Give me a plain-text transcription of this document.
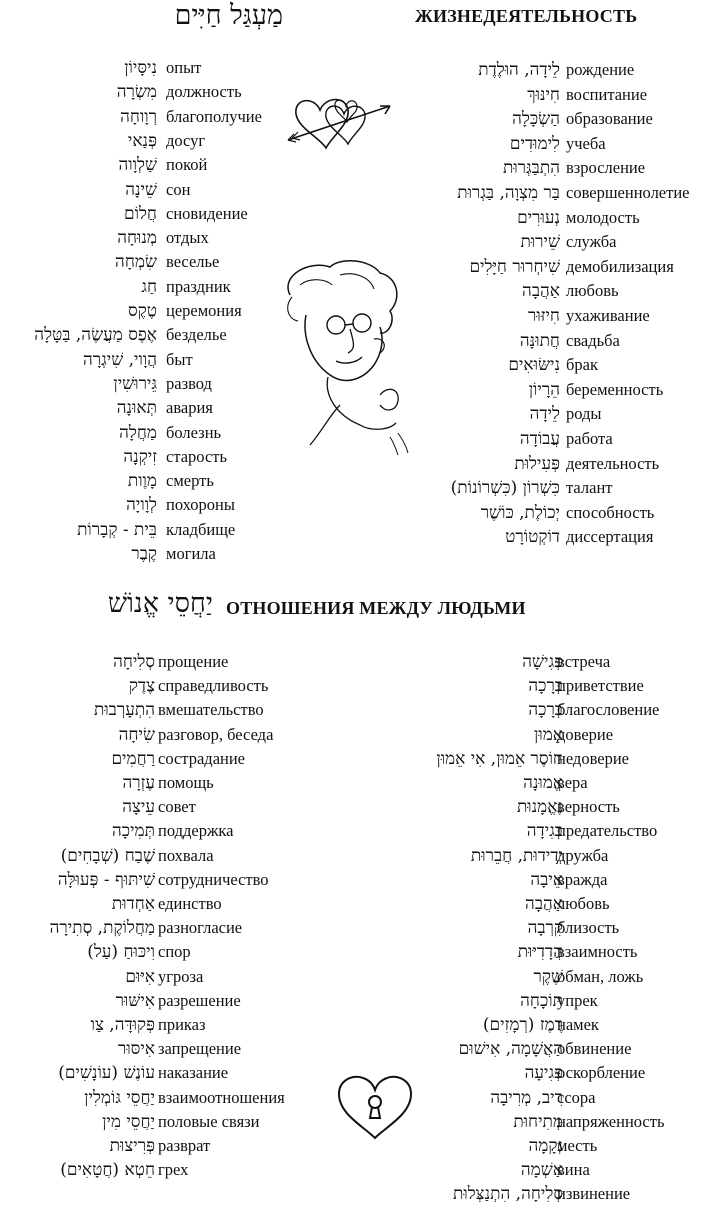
ЖИЗНЕДЕЯТЕЛЬНОСТЬ
מַעְגַּל חַיִּים
ОТНОШЕНИЯ МЕЖДУ ЛЮДЬМИ
יַחֲסֵי אֱנוֹשׁ
לֵידָה, הוּלֶדֶת рождение
חִינּוּךְ воспитание
הַשְׂכָּלָה образование
לִימוּדִים учеба
הִתְבַּגְּרוּת взросление
בַּר מִצְוָה, בַּגְרוּת совершеннолетие
נְעוּרִים молодость
שֵׁירוּת служба
שִׁיחְרוּר חַיָּלִים демобилизация
אַהֲבָה любовь
חִיזּוּר ухаживание
חֲתוּנָּה свадьба
נִישּׂוּאִים брак
הֵרָיוֹן беременность
לֵידָה роды
עֲבוֹדָה работа
פְּעִילוּת деятельность
כִּשְׁרוֹן (כִּשְׁרוֹנוֹת) талант
יְכוֹלֶת, כּוֹשֶׁר способность
דוֹקְטוֹרָט диссертация
נִיסָּיוֹן опыт
מִשְׂרָה должность
רְוָוחָה благополучие
פְּנַאי досуг
שַׁלְוָוה покой
שֵׁינָה сон
חֲלוֹם сновидение
מְנוּחָה отдых
שִׂמְחָה веселье
חַג праздник
טֶקֶס церемония
אֶפֶס מַעֲשֶׂה, בַּטָּלָה безделье
הֲוָוי, שִׁיגְרָה быт
גֵּירוּשִׁין развод
תְּאוּנָה авария
מַחֲלָה болезнь
זִיקְנָה старость
מָוֶות смерть
לְוָויָה похороны
בֵּית - קְבָרוֹת кладбище
קֶבֶר могила
פְּגִישָׁה
встреча
בְּרָכָה
приветствие
בְּרָכָה
благословение
אֵמוּן
доверие
חוֹסֶר אֵמוּן, אִי אֵמוּן
недоверие
אֱמוּנָה
вера
נֶאֱמָנוּת
верность
בְּגִידָה
предательство
יְדִידוּת, חֲבֵרוּת
дружба
אֵיבָה
вражда
אַהֲבָה
любовь
קִרְבָה
близость
הֲדָדִיּוּת
взаимность
שֶׁקֶר
обман, ложь
תּוֹכָחָה
упрек
רֶמֶז (רְמָזִים)
намек
הַאֲשָׁמָה, אִישׁוּם
обвинение
פְּגִיעָה
оскорбление
רִיב, מְרִיבָה
ссора
מְתִיחוּת
напряженность
נְקָמָה
месть
אַשְׁמָה
вина
סְלִיחָה, הִתְנַצְּלוּת
извинение
סְלִיחָה прощение
צֶדֶק справедливость
הִתְעָרְבוּת вмешательство
שִׂיחָה разговор, беседа
רַחֲמִים сострадание
עֶזְרָה помощь
עֵיצָה совет
תְּמִיכָה поддержка
שֶׁבַח (שְׁבָחִים) похвала
שִׁיתּוּף - פְּעוּלָּה сотрудничество
אַחְדוּת единство
מַחֲלוֹקֶת, סְתִירָה разногласие
וִיכּוּחַ (עַל) спор
אִיּוּם угроза
אִישּׁוּר разрешение
פְּקוּדָּה, צַו приказ
אִיסּוּר запрещение
עוֹנֶשׁ (עוֹנָשִׁים) наказание
יַחֲסֵי גּוֹמְלִין взаимоотношения
יַחֲסֵי מִין половые связи
פְּרִיצוּת разврат
חֵטְא (חֲטָאִים) грех
